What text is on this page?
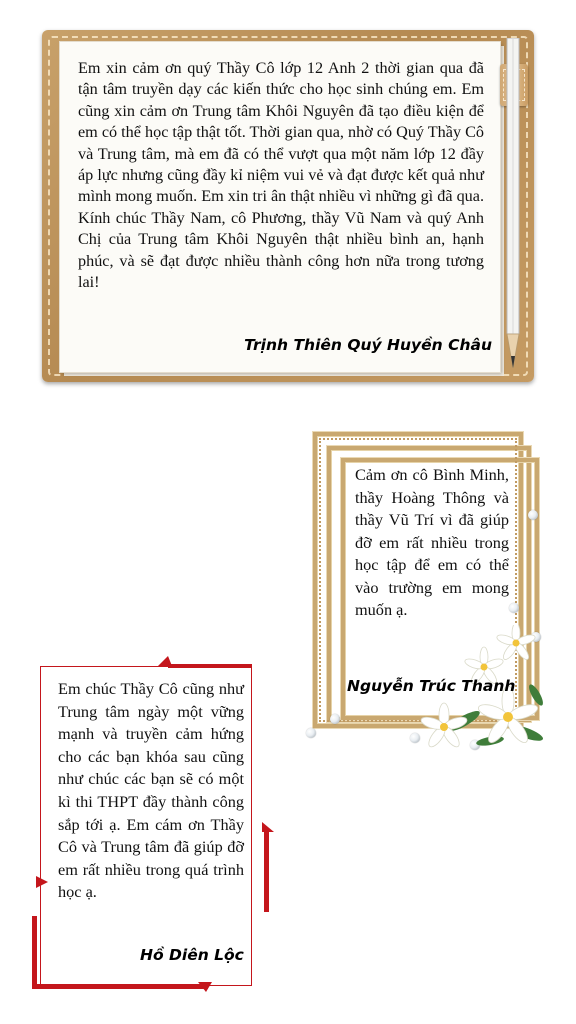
Em xin cảm ơn quý Thầy Cô lớp 12 Anh 2 thời gian qua đã tận tâm truyền dạy các kiến thức cho học sinh chúng em. Em cũng xin cảm ơn Trung tâm Khôi Nguyên đã tạo điều kiện để em có thể học tập thật tốt. Thời gian qua, nhờ có Quý Thầy Cô và Trung tâm, mà em đã có thể vượt qua một năm lớp 12 đầy áp lực nhưng cũng đầy kỉ niệm vui vẻ và đạt được kết quả như mình mong muốn. Em xin tri ân thật nhiều vì những gì đã qua. Kính chúc Thầy Nam, cô Phương, thầy Vũ Nam và quý Anh Chị của Trung tâm Khôi Nguyên thật nhiều bình an, hạnh phúc, và sẽ đạt được nhiều thành công hơn nữa trong tương lai!
Trịnh Thiên Quý Huyền Châu
Cảm ơn cô Bình Minh, thầy Hoàng Thông và thầy Vũ Trí vì đã giúp đỡ em rất nhiều trong học tập để em có thể vào trường em mong muốn ạ.
Nguyễn Trúc Thanh
Em chúc Thầy Cô cũng như Trung tâm ngày một vững mạnh và truyền cảm hứng cho các bạn khóa sau cũng như chúc các bạn sẽ có một kì thi THPT đầy thành công sắp tới ạ. Em cám ơn Thầy Cô và Trung tâm đã giúp đỡ em rất nhiều trong quá trình học ạ.
Hồ Diên Lộc
